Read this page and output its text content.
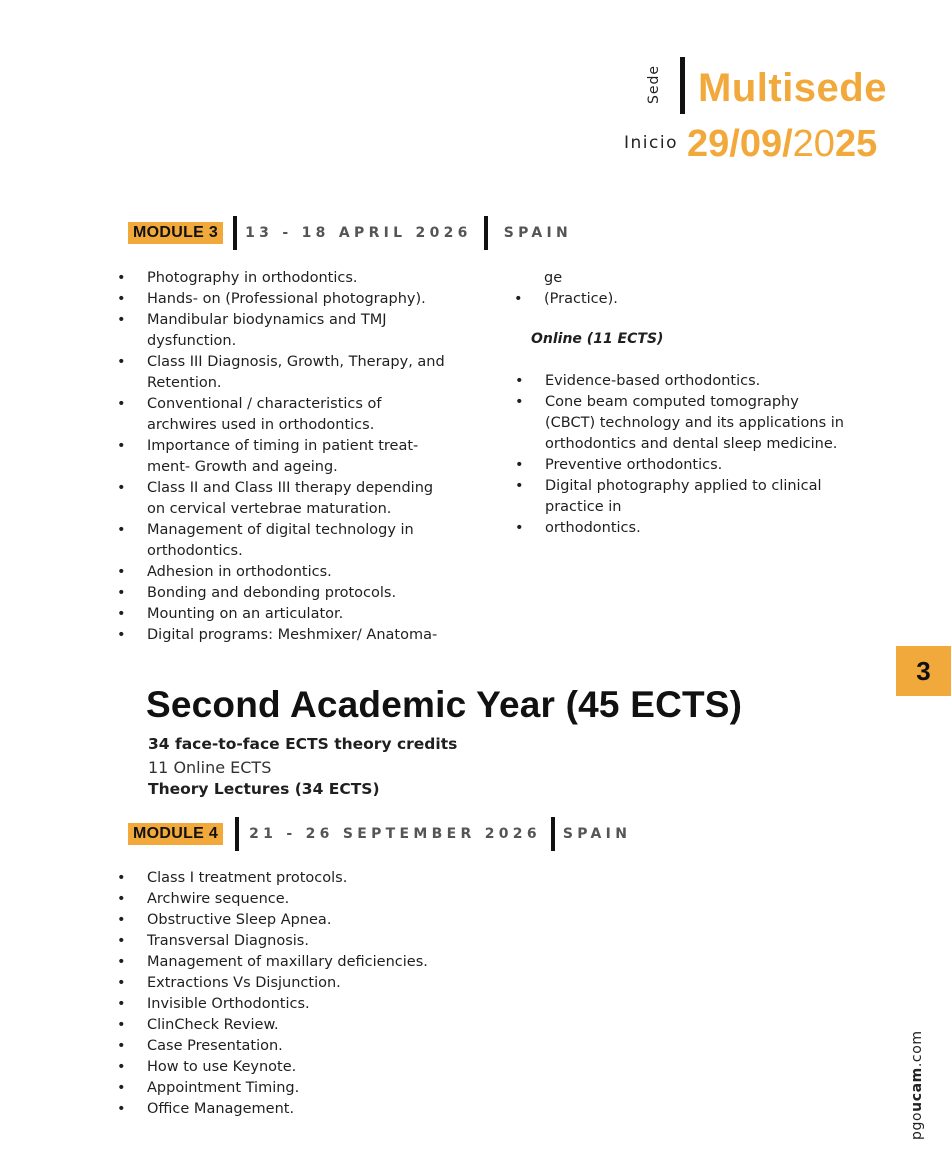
Sede Multisede
Inicio 29/09/2025
MODULE 3	13 - 18 APRIL 2026 SPAIN
• Photography in orthodontics.
• Hands- on (Professional photography).
• Mandibular biodynamics and TMJ
dysfunction.
• Class III Diagnosis, Growth, Therapy, and
Retention.
• Conventional / characteristics of
archwires used in orthodontics.
• Importance of timing in patient treat-
ment- Growth and ageing.
• Class II and Class III therapy depending
on cervical vertebrae maturation.
• Management of digital technology in
orthodontics.
• Adhesion in orthodontics.
• Bonding and debonding protocols.
• Mounting on an articulator.
• Digital programs: Meshmixer/ Anatoma-
ge
• (Practice).
Online (11 ECTS)
• Evidence-based orthodontics.
• Cone beam computed tomography
(CBCT) technology and its applications in
orthodontics and dental sleep medicine.
• Preventive orthodontics.
• Digital photography applied to clinical
practice in
• orthodontics.
3
Second Academic Year (45 ECTS)
34 face-to-face ECTS theory credits
11 Online ECTS
Theory Lectures (34 ECTS)
MODULE 4	21 - 26 SEPTEMBER 2026 SPAIN
• Class I treatment protocols.
• Archwire sequence.
• Obstructive Sleep Apnea.
• Transversal Diagnosis.
• Management of maxillary deficiencies.
• Extractions Vs Disjunction.
• Invisible Orthodontics.
• ClinCheck Review.
• Case Presentation.
• How to use Keynote.
• Appointment Timing.
• Office Management.
pgoucam.com
